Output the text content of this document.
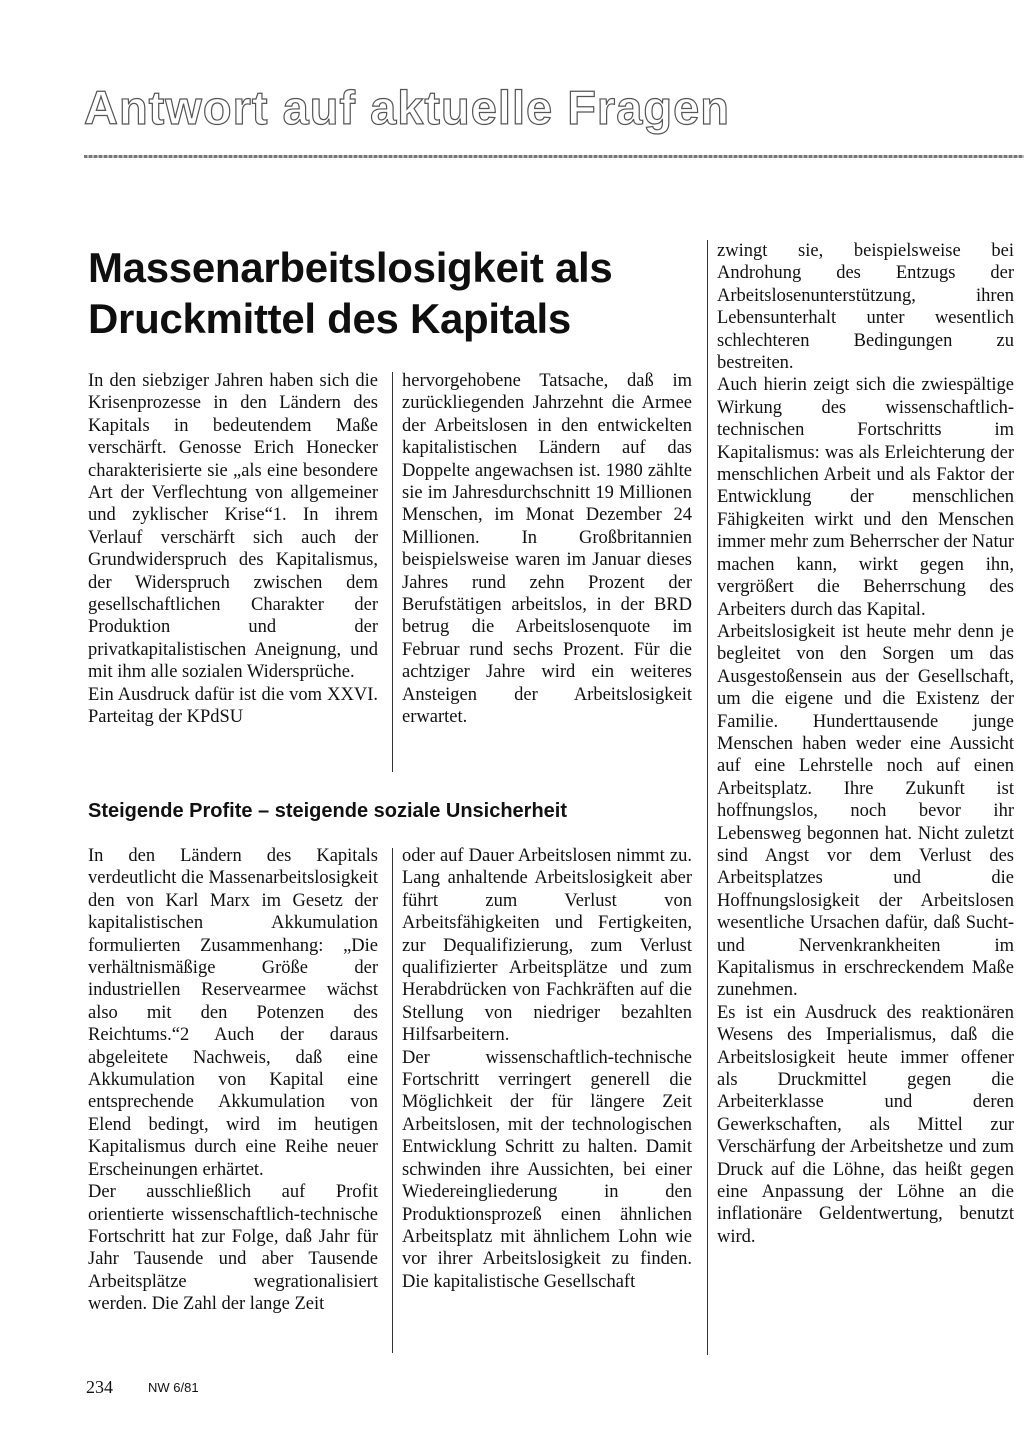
Antwort auf aktuelle Fragen
Massenarbeitslosigkeit als Druckmittel des Kapitals

In den siebziger Jahren haben sich die Krisenprozesse in den Ländern des Kapitals in bedeutendem Maße verschärft. Genosse Erich Honecker charakterisierte sie „als eine besondere Art der Verflechtung von allgemeiner und zyklischer Krise“1. In ihrem Verlauf verschärft sich auch der Grundwiderspruch des Kapitalismus, der Widerspruch zwischen dem gesellschaftlichen Charakter der Produktion und der privatkapitalistischen Aneignung, und mit ihm alle sozialen Widersprüche.

Ein Ausdruck dafür ist die vom XXVI. Parteitag der KPdSU

hervorgehobene Tatsache, daß im zurückliegenden Jahrzehnt die Armee der Arbeitslosen in den entwickelten kapitalistischen Ländern auf das Doppelte angewachsen ist. 1980 zählte sie im Jahresdurchschnitt 19 Millionen Menschen, im Monat Dezember 24 Millionen. In Großbritannien beispielsweise waren im Januar dieses Jahres rund zehn Prozent der Berufstätigen arbeitslos, in der BRD betrug die Arbeitslosenquote im Februar rund sechs Prozent. Für die achtziger Jahre wird ein weiteres Ansteigen der Arbeitslosigkeit erwartet.

Steigende Profite – steigende soziale Unsicherheit

In den Ländern des Kapitals verdeutlicht die Massenarbeitslosigkeit den von Karl Marx im Gesetz der kapitalistischen Akkumulation formulierten Zusammenhang: „Die verhältnismäßige Größe der industriellen Reservearmee wächst also mit den Potenzen des Reichtums.“2 Auch der daraus abgeleitete Nachweis, daß eine Akkumulation von Kapital eine entsprechende Akkumulation von Elend bedingt, wird im heutigen Kapitalismus durch eine Reihe neuer Erscheinungen erhärtet.

Der ausschließlich auf Profit orientierte wissenschaftlich-technische Fortschritt hat zur Folge, daß Jahr für Jahr Tausende und aber Tausende Arbeitsplätze wegrationalisiert werden. Die Zahl der lange Zeit

oder auf Dauer Arbeitslosen nimmt zu. Lang anhaltende Arbeitslosigkeit aber führt zum Verlust von Arbeitsfähigkeiten und Fertigkeiten, zur Dequalifizierung, zum Verlust qualifizierter Arbeitsplätze und zum Herabdrücken von Fachkräften auf die Stellung von niedriger bezahlten Hilfsarbeitern.

Der wissenschaftlich-technische Fortschritt verringert generell die Möglichkeit der für längere Zeit Arbeitslosen, mit der technologischen Entwicklung Schritt zu halten. Damit schwinden ihre Aussichten, bei einer Wiedereingliederung in den Produktionsprozeß einen ähnlichen Arbeitsplatz mit ähnlichem Lohn wie vor ihrer Arbeitslosigkeit zu finden. Die kapitalistische Gesellschaft

zwingt sie, beispielsweise bei Androhung des Entzugs der Arbeitslosenunterstützung, ihren Lebensunterhalt unter wesentlich schlechteren Bedingungen zu bestreiten.

Auch hierin zeigt sich die zwiespältige Wirkung des wissenschaftlich-technischen Fortschritts im Kapitalismus: was als Erleichterung der menschlichen Arbeit und als Faktor der Entwicklung der menschlichen Fähigkeiten wirkt und den Menschen immer mehr zum Beherrscher der Natur machen kann, wirkt gegen ihn, vergrößert die Beherrschung des Arbeiters durch das Kapital.

Arbeitslosigkeit ist heute mehr denn je begleitet von den Sorgen um das Ausgestoßensein aus der Gesellschaft, um die eigene und die Existenz der Familie. Hunderttausende junge Menschen haben weder eine Aussicht auf eine Lehrstelle noch auf einen Arbeitsplatz. Ihre Zukunft ist hoffnungslos, noch bevor ihr Lebensweg begonnen hat. Nicht zuletzt sind Angst vor dem Verlust des Arbeitsplatzes und die Hoffnungslosigkeit der Arbeitslosen wesentliche Ursachen dafür, daß Sucht- und Nervenkrankheiten im Kapitalismus in erschreckendem Maße zunehmen.

Es ist ein Ausdruck des reaktionären Wesens des Imperialismus, daß die Arbeitslosigkeit heute immer offener als Druckmittel gegen die Arbeiterklasse und deren Gewerkschaften, als Mittel zur Verschärfung der Arbeitshetze und zum Druck auf die Löhne, das heißt gegen eine Anpassung der Löhne an die inflationäre Geldentwertung, benutzt wird.

234	NW 6/81
